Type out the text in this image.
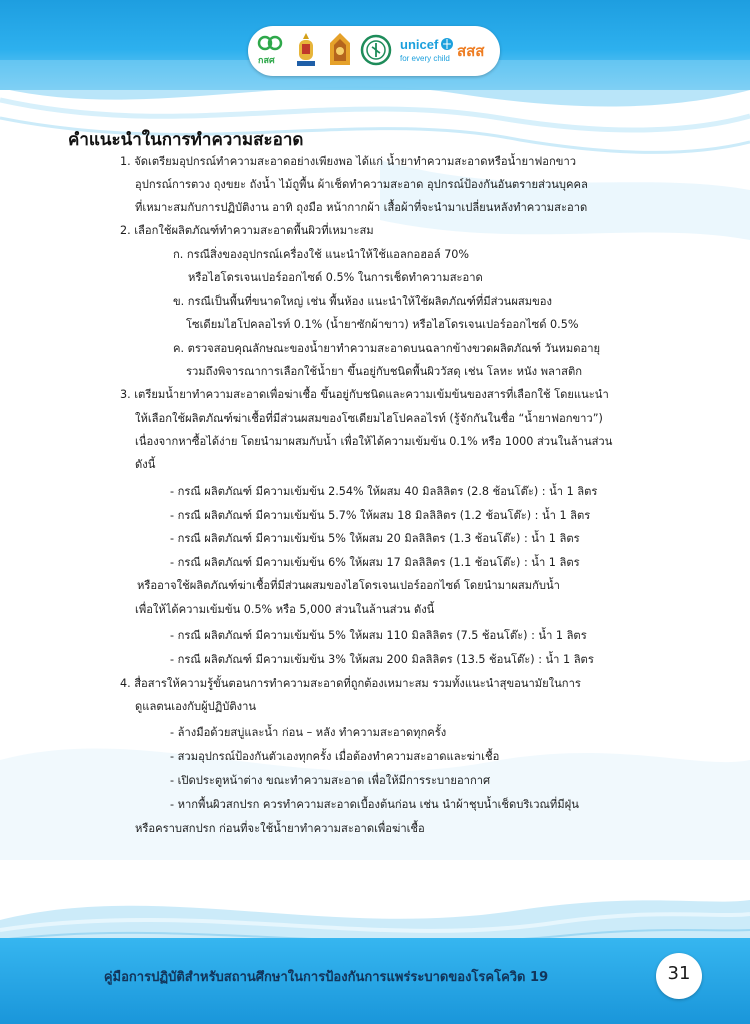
กสศ
unicef
for every child สสส
คำแนะนำในการทำความสะอาด
1. จัดเตรียมอุปกรณ์ทำความสะอาดอย่างเพียงพอ ได้แก่ น้ำยาทำความสะอาดหรือน้ำยาฟอกขาว
อุปกรณ์การตวง ถุงขยะ ถังน้ำ ไม้ถูพื้น ผ้าเช็ดทำความสะอาด อุปกรณ์ป้องกันอันตรายส่วนบุคคล
ที่เหมาะสมกับการปฏิบัติงาน อาทิ ถุงมือ หน้ากากผ้า เสื้อผ้าที่จะนำมาเปลี่ยนหลังทำความสะอาด
2. เลือกใช้ผลิตภัณฑ์ทำความสะอาดพื้นผิวที่เหมาะสม
ก. กรณีสิ่งของอุปกรณ์เครื่องใช้ แนะนำให้ใช้แอลกอฮอล์ 70%
หรือไฮโดรเจนเปอร์ออกไซด์ 0.5% ในการเช็ดทำความสะอาด
ข. กรณีเป็นพื้นที่ขนาดใหญ่ เช่น พื้นห้อง แนะนำให้ใช้ผลิตภัณฑ์ที่มีส่วนผสมของ
โซเดียมไฮโปคลอไรท์ 0.1% (น้ำยาซักผ้าขาว) หรือไฮโดรเจนเปอร์ออกไซด์ 0.5%
ค. ตรวจสอบคุณลักษณะของน้ำยาทำความสะอาดบนฉลากข้างขวดผลิตภัณฑ์ วันหมดอายุ
รวมถึงพิจารณาการเลือกใช้น้ำยา ขึ้นอยู่กับชนิดพื้นผิววัสดุ เช่น โลหะ หนัง พลาสติก
3. เตรียมน้ำยาทำความสะอาดเพื่อฆ่าเชื้อ ขึ้นอยู่กับชนิดและความเข้มข้นของสารที่เลือกใช้ โดยแนะนำ
ให้เลือกใช้ผลิตภัณฑ์ฆ่าเชื้อที่มีส่วนผสมของโซเดียมไฮโปคลอไรท์ (รู้จักกันในชื่อ “น้ำยาฟอกขาว”)
เนื่องจากหาซื้อได้ง่าย โดยนำมาผสมกับน้ำ เพื่อให้ได้ความเข้มข้น 0.1% หรือ 1000 ส่วนในล้านส่วน
ดังนี้
- กรณี ผลิตภัณฑ์ มีความเข้มข้น 2.54% ให้ผสม 40 มิลลิลิตร (2.8 ช้อนโต๊ะ) : น้ำ 1 ลิตร
- กรณี ผลิตภัณฑ์ มีความเข้มข้น 5.7% ให้ผสม 18 มิลลิลิตร (1.2 ช้อนโต๊ะ) : น้ำ 1 ลิตร
- กรณี ผลิตภัณฑ์ มีความเข้มข้น 5% ให้ผสม 20 มิลลิลิตร (1.3 ช้อนโต๊ะ) : น้ำ 1 ลิตร
- กรณี ผลิตภัณฑ์ มีความเข้มข้น 6% ให้ผสม 17 มิลลิลิตร (1.1 ช้อนโต๊ะ) : น้ำ 1 ลิตร
หรืออาจใช้ผลิตภัณฑ์ฆ่าเชื้อที่มีส่วนผสมของไฮโดรเจนเปอร์ออกไซด์ โดยนำมาผสมกับน้ำ
เพื่อให้ได้ความเข้มข้น 0.5% หรือ 5,000 ส่วนในล้านส่วน ดังนี้
- กรณี ผลิตภัณฑ์ มีความเข้มข้น 5% ให้ผสม 110 มิลลิลิตร (7.5 ช้อนโต๊ะ) : น้ำ 1 ลิตร
- กรณี ผลิตภัณฑ์ มีความเข้มข้น 3% ให้ผสม 200 มิลลิลิตร (13.5 ช้อนโต๊ะ) : น้ำ 1 ลิตร
4. สื่อสารให้ความรู้ขั้นตอนการทำความสะอาดที่ถูกต้องเหมาะสม รวมทั้งแนะนำสุขอนามัยในการ
ดูแลตนเองกับผู้ปฏิบัติงาน
- ล้างมือด้วยสบู่และน้ำ ก่อน – หลัง ทำความสะอาดทุกครั้ง
- สวมอุปกรณ์ป้องกันตัวเองทุกครั้ง เมื่อต้องทำความสะอาดและฆ่าเชื้อ
- เปิดประตูหน้าต่าง ขณะทำความสะอาด เพื่อให้มีการระบายอากาศ
- หากพื้นผิวสกปรก ควรทำความสะอาดเบื้องต้นก่อน เช่น นำผ้าชุบน้ำเช็ดบริเวณที่มีฝุ่น
หรือคราบสกปรก ก่อนที่จะใช้น้ำยาทำความสะอาดเพื่อฆ่าเชื้อ
คู่มือการปฏิบัติสำหรับสถานศึกษาในการป้องกันการแพร่ระบาดของโรคโควิด 19	31
